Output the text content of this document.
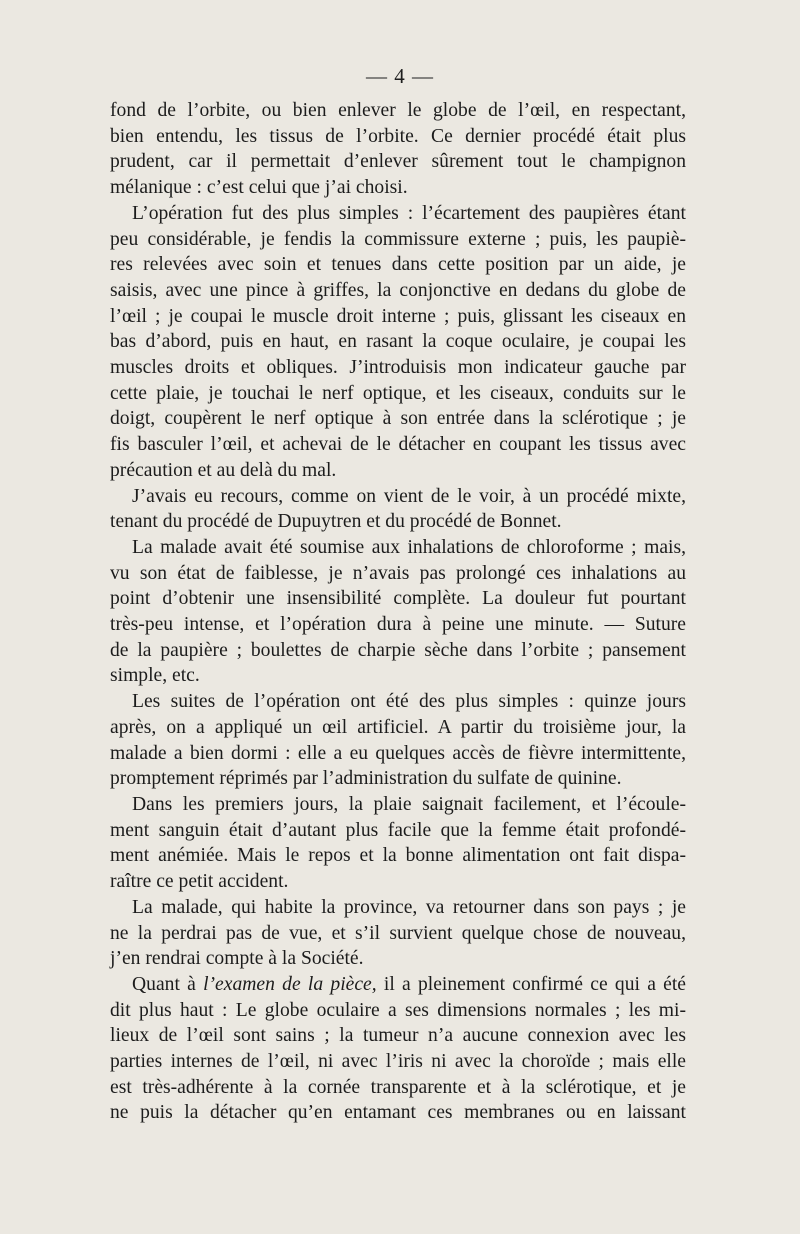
— 4 —

fond de l’orbite, ou bien enlever le globe de l’œil, en respectant,

bien entendu, les tissus de l’orbite. Ce dernier procédé était plus

prudent, car il permettait d’enlever sûrement tout le champignon

mélanique : c’est celui que j’ai choisi.

L’opération fut des plus simples : l’écartement des paupières étant

peu considérable, je fendis la commissure externe ; puis, les paupiè-

res relevées avec soin et tenues dans cette position par un aide, je

saisis, avec une pince à griffes, la conjonctive en dedans du globe de

l’œil ; je coupai le muscle droit interne ; puis, glissant les ciseaux en

bas d’abord, puis en haut, en rasant la coque oculaire, je coupai les

muscles droits et obliques. J’introduisis mon indicateur gauche par

cette plaie, je touchai le nerf optique, et les ciseaux, conduits sur le

doigt, coupèrent le nerf optique à son entrée dans la sclérotique ; je

fis basculer l’œil, et achevai de le détacher en coupant les tissus avec

précaution et au delà du mal.

J’avais eu recours, comme on vient de le voir, à un procédé mixte,

tenant du procédé de Dupuytren et du procédé de Bonnet.

La malade avait été soumise aux inhalations de chloroforme ; mais,

vu son état de faiblesse, je n’avais pas prolongé ces inhalations au

point d’obtenir une insensibilité complète. La douleur fut pourtant

très-peu intense, et l’opération dura à peine une minute. — Suture

de la paupière ; boulettes de charpie sèche dans l’orbite ; pansement

simple, etc.

Les suites de l’opération ont été des plus simples : quinze jours

après, on a appliqué un œil artificiel. A partir du troisième jour, la

malade a bien dormi : elle a eu quelques accès de fièvre intermittente,

promptement réprimés par l’administration du sulfate de quinine.

Dans les premiers jours, la plaie saignait facilement, et l’écoule-

ment sanguin était d’autant plus facile que la femme était profondé-

ment anémiée. Mais le repos et la bonne alimentation ont fait dispa-

raître ce petit accident.

La malade, qui habite la province, va retourner dans son pays ; je

ne la perdrai pas de vue, et s’il survient quelque chose de nouveau,

j’en rendrai compte à la Société.

Quant à l’examen de la pièce, il a pleinement confirmé ce qui a été

dit plus haut : Le globe oculaire a ses dimensions normales ; les mi-

lieux de l’œil sont sains ; la tumeur n’a aucune connexion avec les

parties internes de l’œil, ni avec l’iris ni avec la choroïde ; mais elle

est très-adhérente à la cornée transparente et à la sclérotique, et je

ne puis la détacher qu’en entamant ces membranes ou en laissant
